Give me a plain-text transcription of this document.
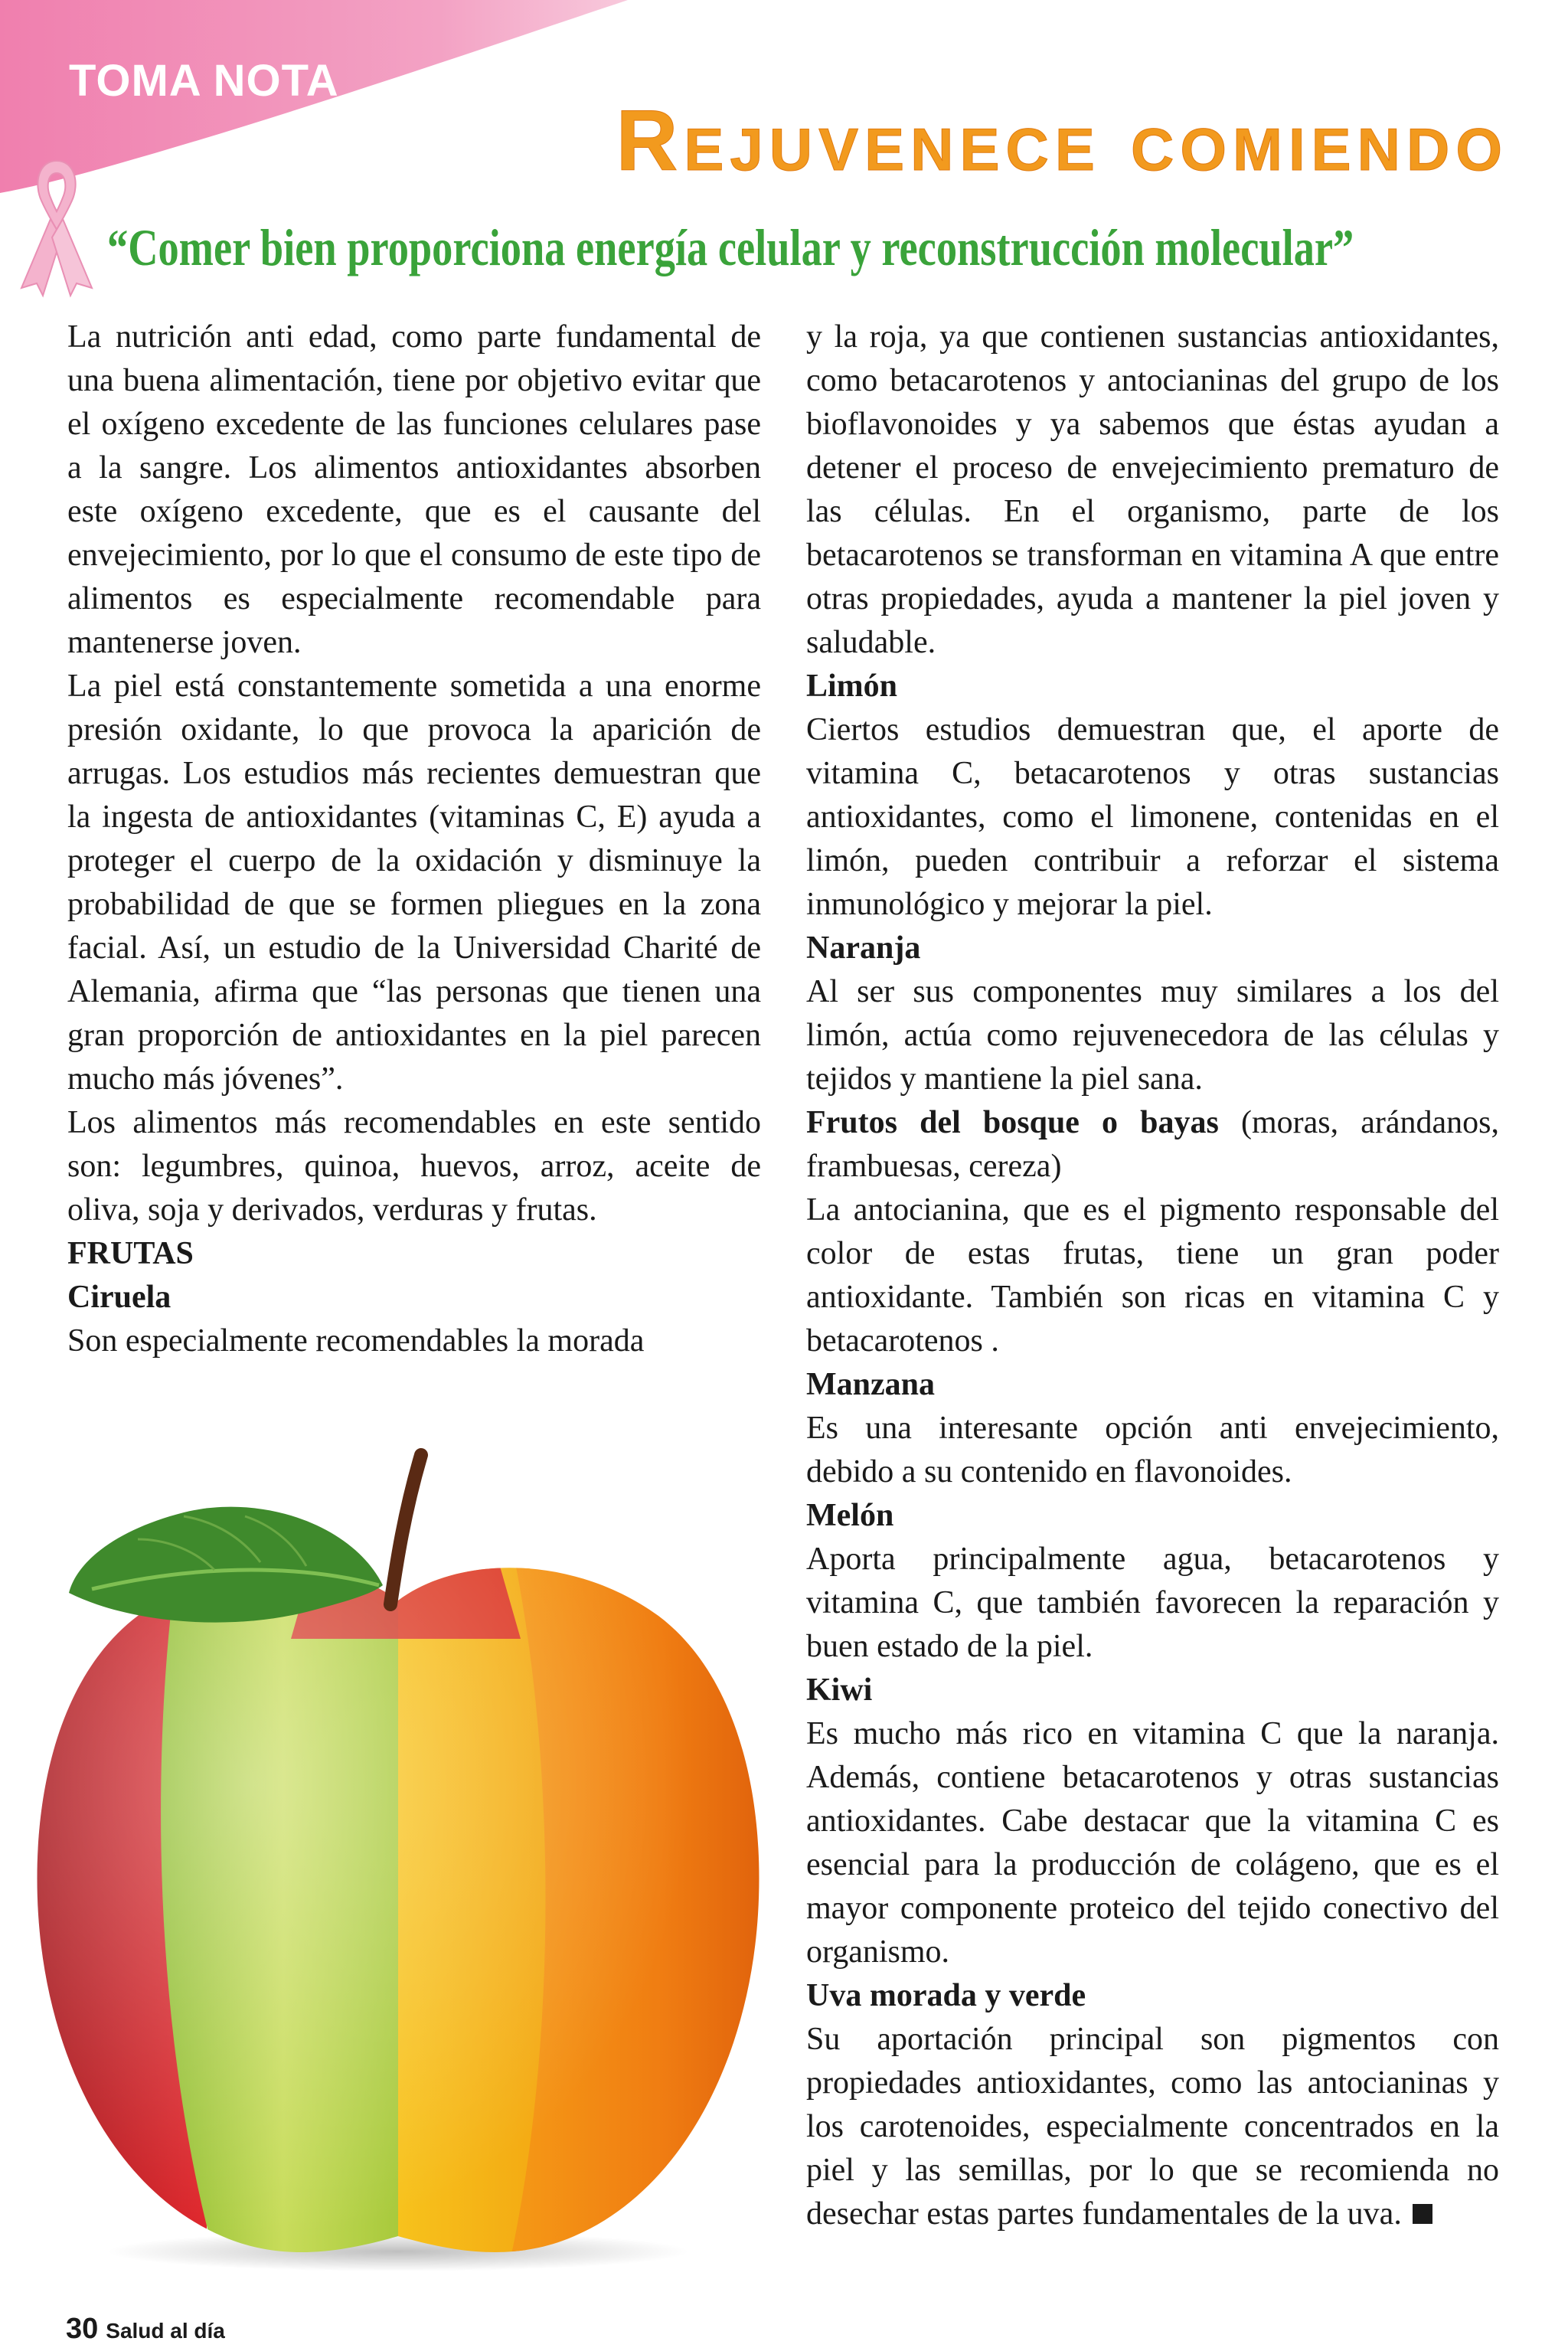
TOMA NOTA
Rejuvenece comiendo
“Comer bien proporciona energía celular y reconstrucción molecular”

La nutrición anti edad, como parte fundamental de una buena alimentación, tiene por objetivo evitar que el oxígeno excedente de las funciones celulares pase a la sangre. Los alimentos antioxidantes absorben este oxígeno excedente, que es el causante del envejecimiento, por lo que el consumo de este tipo de alimentos es especialmente recomendable para mantenerse joven.

La piel está constantemente sometida a una enorme presión oxidante, lo que provoca la aparición de arrugas. Los estudios más recientes demuestran que la ingesta de antioxidantes (vitaminas C, E) ayuda a proteger el cuerpo de la oxidación y disminuye la probabilidad de que se formen pliegues en la zona facial. Así, un estudio de la Universidad Charité de Alemania, afirma que “las personas que tienen una gran proporción de antioxidantes en la piel parecen mucho más jóvenes”.

Los alimentos más recomendables en este sentido son: legumbres, quinoa, huevos, arroz, aceite de oliva, soja y derivados, verduras y frutas.

FRUTAS
Ciruela

Son especialmente recomendables la morada

y la roja, ya que contienen sustancias antioxidantes, como betacarotenos y antocianinas del grupo de los bioflavonoides y ya sabemos que éstas ayudan a detener el proceso de envejecimiento prematuro de las células. En el organismo, parte de los betacarotenos se transforman en vitamina A que entre otras propiedades, ayuda a mantener la piel joven y saludable.

Limón

Ciertos estudios demuestran que, el aporte de vitamina C, betacarotenos y otras sustancias antioxidantes, como el limonene, contenidas en el limón, pueden contribuir a reforzar el sistema inmunológico y mejorar la piel.

Naranja

Al ser sus componentes muy similares a los del limón, actúa como rejuvenecedora de las células y tejidos y mantiene la piel sana.

Frutos del bosque o bayas (moras, arándanos, frambuesas, cereza)

La antocianina, que es el pigmento responsable del color de estas frutas, tiene un gran poder antioxidante. También son ricas en vitamina C y betacarotenos .

Manzana

Es una interesante opción anti envejecimiento, debido a su contenido en flavonoides.

Melón

Aporta principalmente agua, betacarotenos y vitamina C, que también favorecen la reparación y buen estado de la piel.

Kiwi

Es mucho más rico en vitamina C que la naranja. Además, contiene betacarotenos y otras sustancias antioxidantes. Cabe destacar que la vitamina C es esencial para la producción de colágeno, que es el mayor componente proteico del tejido conectivo del organismo.

Uva morada y verde

Su aportación principal son pigmentos con propiedades antioxidantes, como las antocianinas y los carotenoides, especialmente concentrados en la piel y las semillas, por lo que se recomienda no desechar estas partes fundamentales de la uva.

30 Salud al día
